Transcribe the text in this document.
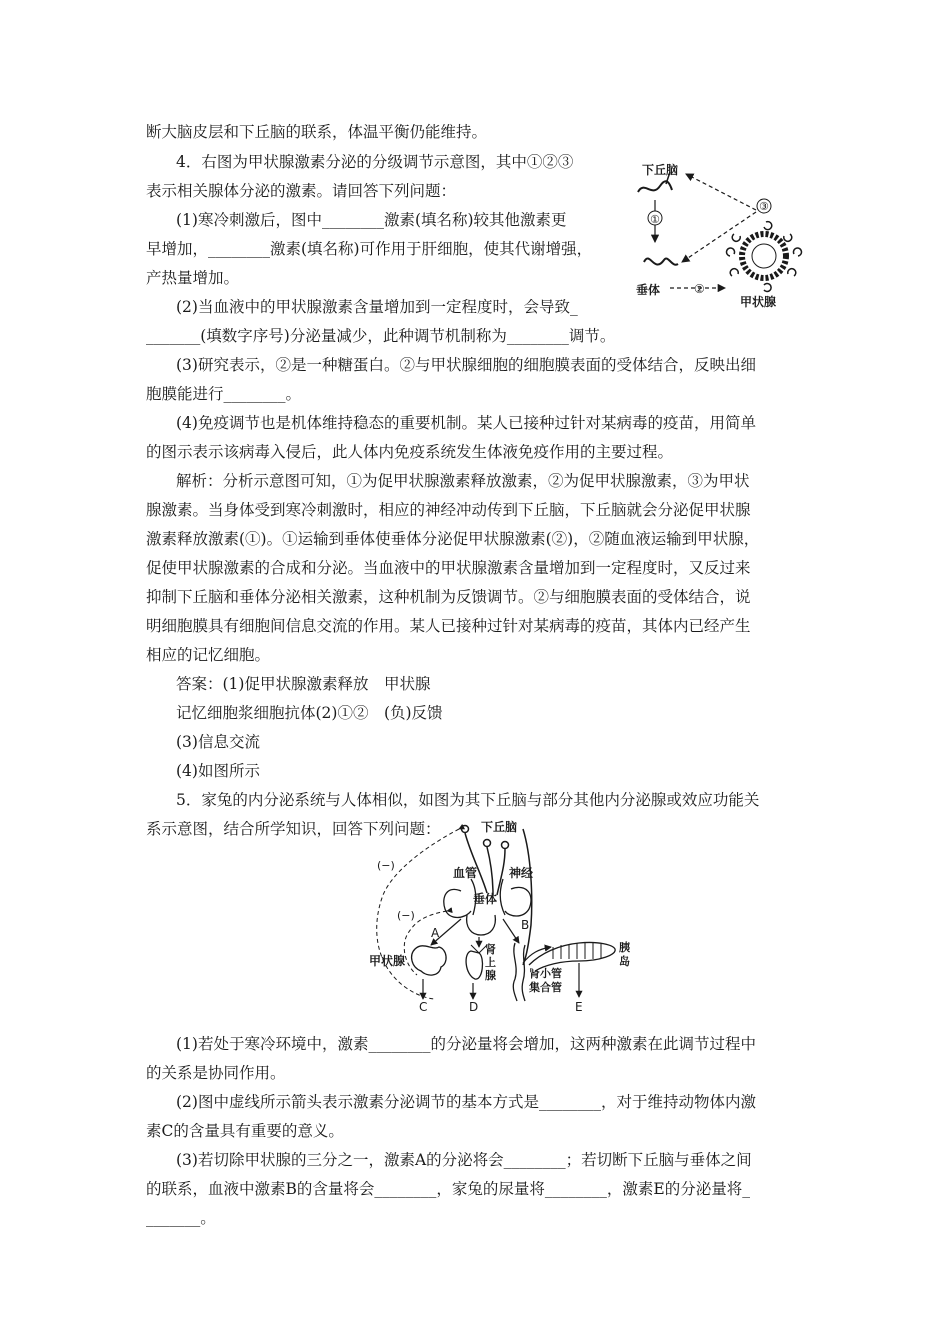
断大脑皮层和下丘脑的联系，体温平衡仍能维持。
4．右图为甲状腺激素分泌的分级调节示意图，其中①②③
表示相关腺体分泌的激素。请回答下列问题：
(1)寒冷刺激后，图中________激素(填名称)较其他激素更
早增加，________激素(填名称)可作用于肝细胞，使其代谢增强，
产热量增加。
(2)当血液中的甲状腺激素含量增加到一定程度时，会导致_
_______(填数字序号)分泌量减少，此种调节机制称为________调节。
(3)研究表示，②是一种糖蛋白。②与甲状腺细胞的细胞膜表面的受体结合，反映出细
胞膜能进行________。
(4)免疫调节也是机体维持稳态的重要机制。某人已接种过针对某病毒的疫苗，用简单
的图示表示该病毒入侵后，此人体内免疫系统发生体液免疫作用的主要过程。
解析：分析示意图可知，①为促甲状腺激素释放激素，②为促甲状腺激素，③为甲状
腺激素。当身体受到寒冷刺激时，相应的神经冲动传到下丘脑，下丘脑就会分泌促甲状腺
激素释放激素(①)。①运输到垂体使垂体分泌促甲状腺激素(②)，②随血液运输到甲状腺，
促使甲状腺激素的合成和分泌。当血液中的甲状腺激素含量增加到一定程度时，又反过来
抑制下丘脑和垂体分泌相关激素，这种机制为反馈调节。②与细胞膜表面的受体结合，说
明细胞膜具有细胞间信息交流的作用。某人已接种过针对某病毒的疫苗，其体内已经产生
相应的记忆细胞。
答案：(1)促甲状腺激素释放　甲状腺
记忆细胞浆细胞抗体(2)①②　(负)反馈
(3)信息交流
(4)如图所示
5．家兔的内分泌系统与人体相似，如图为其下丘脑与部分其他内分泌腺或效应功能关
系示意图，结合所学知识，回答下列问题：
(1)若处于寒冷环境中，激素________的分泌量将会增加，这两种激素在此调节过程中
的关系是协同作用。
(2)图中虚线所示箭头表示激素分泌调节的基本方式是________，对于维持动物体内激
素C的含量具有重要的意义。
(3)若切除甲状腺的三分之一，激素A的分泌将会________；若切断下丘脑与垂体之间
的联系，血液中激素B的含量将会________，家兔的尿量将________，激素E的分泌量将_
_______。
下丘脑
①
垂体	②
③
甲状腺
下丘脑
血管	神经
垂体
(−)
(−)
A
B
甲状腺
C
肾
上
腺
D
肾小管
集合管
胰
岛
E
